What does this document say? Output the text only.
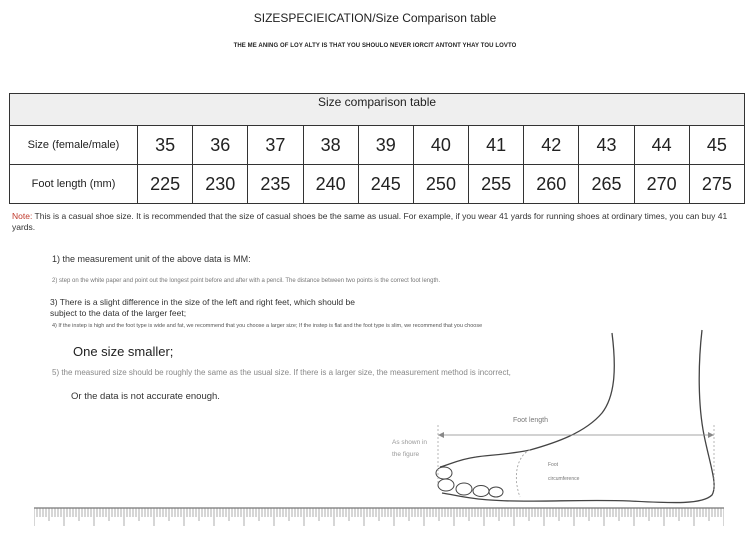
SIZESPECIEICATION/Size Comparison table
THE ME ANING OF LOY ALTY IS THAT YOU SHOULO NEVER IORCIT ANTONT YHAY TOU LOVTO
Size comparison table											
Size (female/male)	35	36	37	38	39	40	41	42	43	44	45
Foot length (mm)	225	230	235	240	245	250	255	260	265	270	275
Note: This is a casual shoe size. It is recommended that the size of casual shoes be the same as usual. For example, if you wear 41 yards for running shoes at ordinary times, you can buy 41 yards.
1) the measurement unit of the above data is MM:
2) step on the white paper and point out the longest point before and after with a pencil. The distance between two points is the correct foot length.
3) There is a slight difference in the size of the left and right feet, which should be
subject to the data of the larger feet;
4) If the instep is high and the foot type is wide and fat, we recommend that you choose a larger size; If the instep is flat and the foot type is slim, we recommend that you choose
One size smaller;
5) the measured size should be roughly the same as the usual size. If there is a larger size, the measurement method is incorrect,
Or the data is not accurate enough.
Foot length
As shown in
the figure
Foot
circumference
